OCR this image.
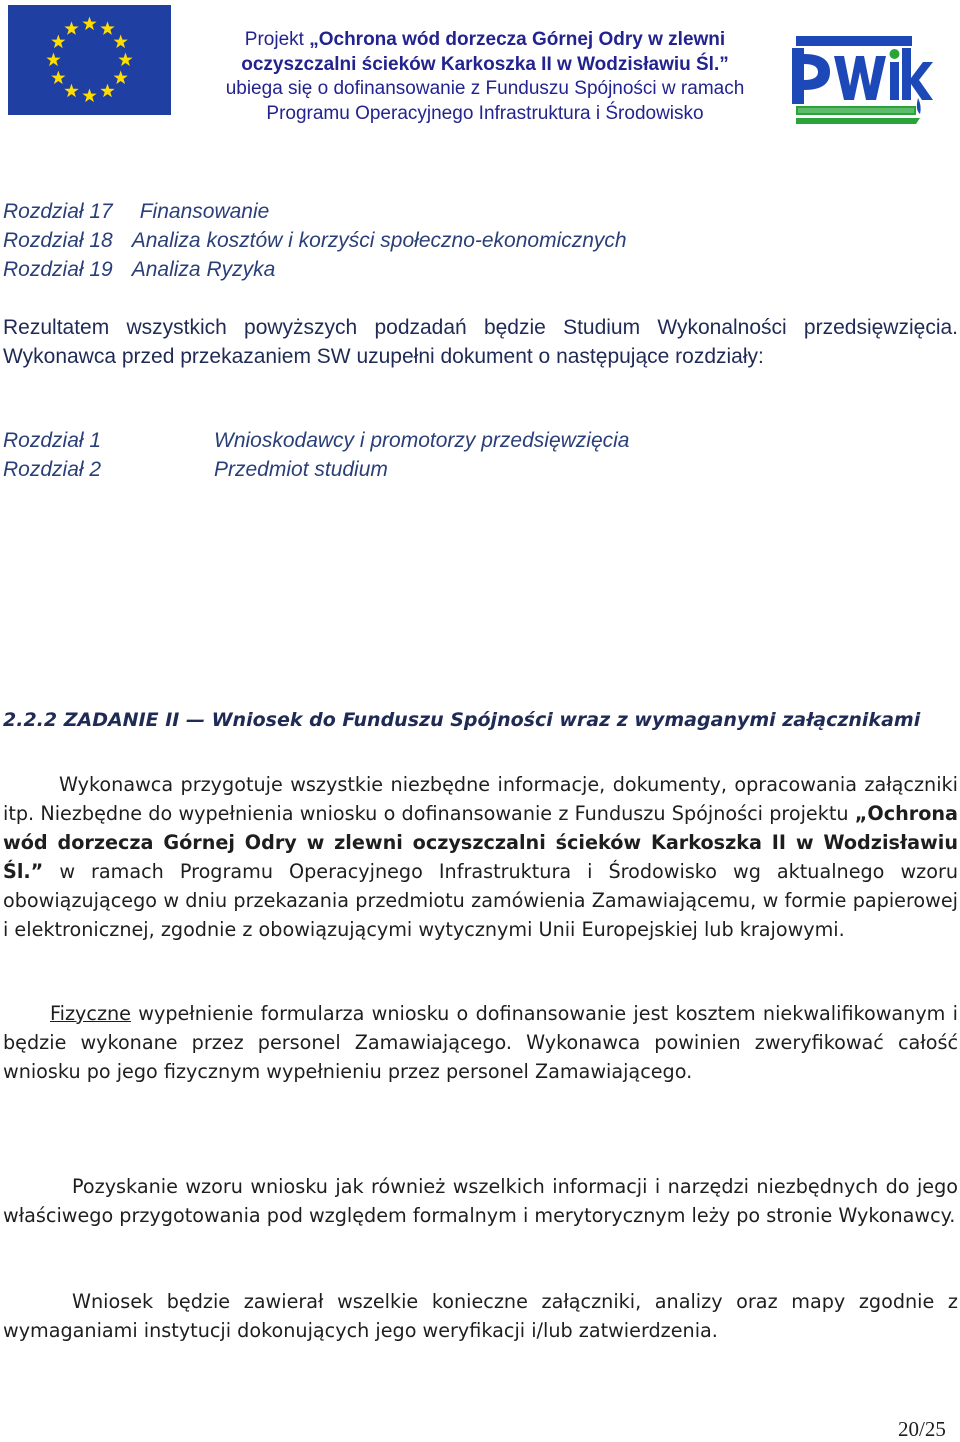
Projekt „Ochrona wód dorzecza Górnej Odry w zlewni
oczyszczalni ścieków Karkoszka II w Wodzisławiu Śl.”
ubiega się o dofinansowanie z Funduszu Spójności w ramach
Programu Operacyjnego Infrastruktura i Środowisko
Rozdział 17 Finansowanie
Rozdział 18 Analiza kosztów i korzyści społeczno-ekonomicznych
Rozdział 19 Analiza Ryzyka
Rezultatem wszystkich powyższych podzadań będzie Studium Wykonalności przedsięwzięcia. Wykonawca przed przekazaniem SW uzupełni dokument o następujące rozdziały:
Rozdział 1	Wnioskodawcy i promotorzy przedsięwzięcia
Rozdział 2	Przedmiot studium
2.2.2 ZADANIE II — Wniosek do Funduszu Spójności wraz z wymaganymi załącznikami
Wykonawca przygotuje wszystkie niezbędne informacje, dokumenty, opracowania załączniki itp. Niezbędne do wypełnienia wniosku o dofinansowanie z Funduszu Spójności projektu „Ochrona wód dorzecza Górnej Odry w zlewni oczyszczalni ścieków Karkoszka II w Wodzisławiu Śl.” w ramach Programu Operacyjnego Infrastruktura i Środowisko wg aktualnego wzoru obowiązującego w dniu przekazania przedmiotu zamówienia Zamawiającemu, w formie papierowej i elektronicznej, zgodnie z obowiązującymi wytycznymi Unii Europejskiej lub krajowymi.
Fizyczne wypełnienie formularza wniosku o dofinansowanie jest kosztem niekwalifikowanym i będzie wykonane przez personel Zamawiającego. Wykonawca powinien zweryfikować całość wniosku po jego fizycznym wypełnieniu przez personel Zamawiającego.
Pozyskanie wzoru wniosku jak również wszelkich informacji i narzędzi niezbędnych do jego właściwego przygotowania pod względem formalnym i merytorycznym leży po stronie Wykonawcy.
Wniosek będzie zawierał wszelkie konieczne załączniki, analizy oraz mapy zgodnie z wymaganiami instytucji dokonujących jego weryfikacji i/lub zatwierdzenia.
20/25
